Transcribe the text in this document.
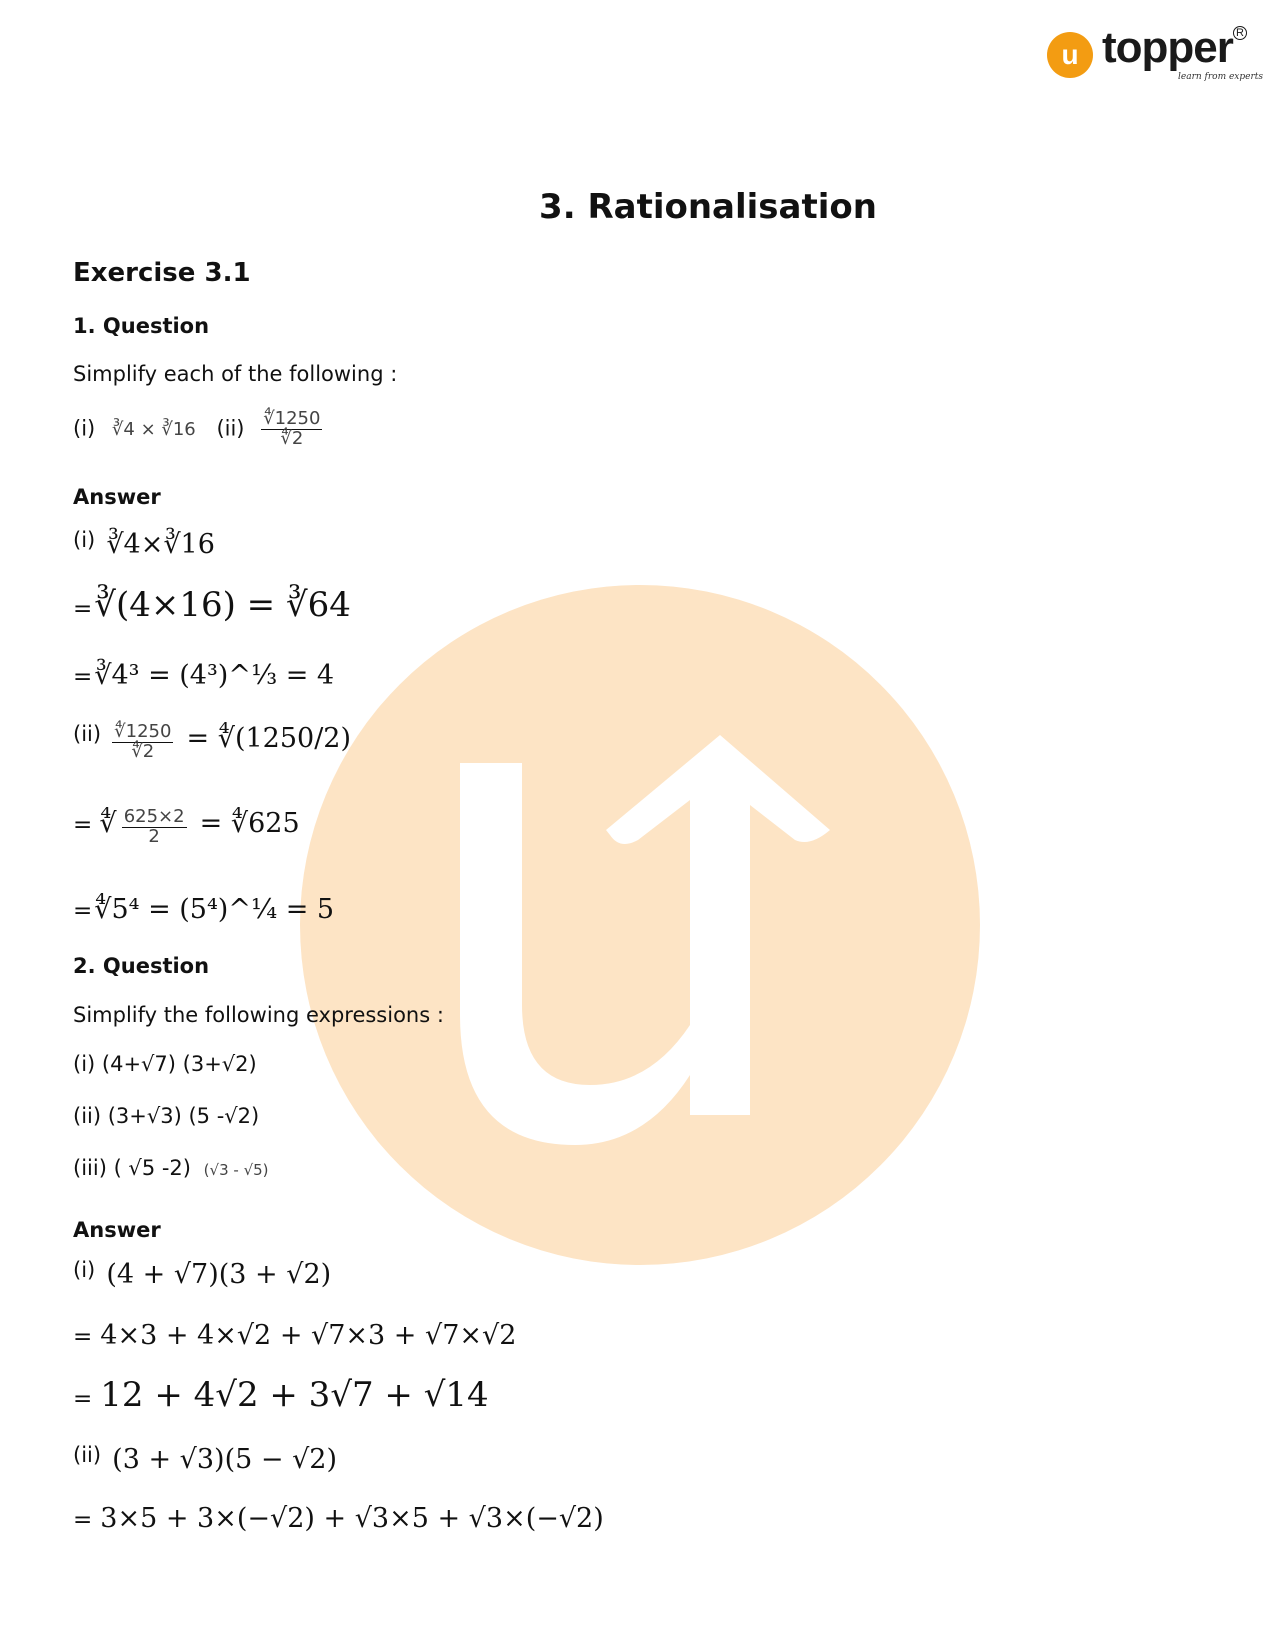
u topper R
learn from experts
3. Rationalisation
Exercise 3.1
1. Question
Simplify each of the following :
(i) ∛4 × ∛16 $(ii) \frac{∜1250}{∜2}$
Answer
(i) ∛4×∛16
=∛(4×16) = ∛64
=∛4³ = (4³)^⅓ = 4
$(ii) \frac{∜1250}{∜2}$ = ∜(1250/2)
= ∜ $\frac{625\times 2}{2}$ = ∜625
=∜5⁴ = (5⁴)^¼ = 5
2. Question
Simplify the following expressions :
(i) (4+√7) (3+√2)
(ii) (3+√3) (5 -√2)
(iii) ( √5 -2) (√3 - √5)
Answer
(i) (4 + √7)(3 + √2)
= 4×3 + 4×√2 + √7×3 + √7×√2
= 12 + 4√2 + 3√7 + √14
(ii) (3 + √3)(5 − √2)
= 3×5 + 3×(−√2) + √3×5 + √3×(−√2)
